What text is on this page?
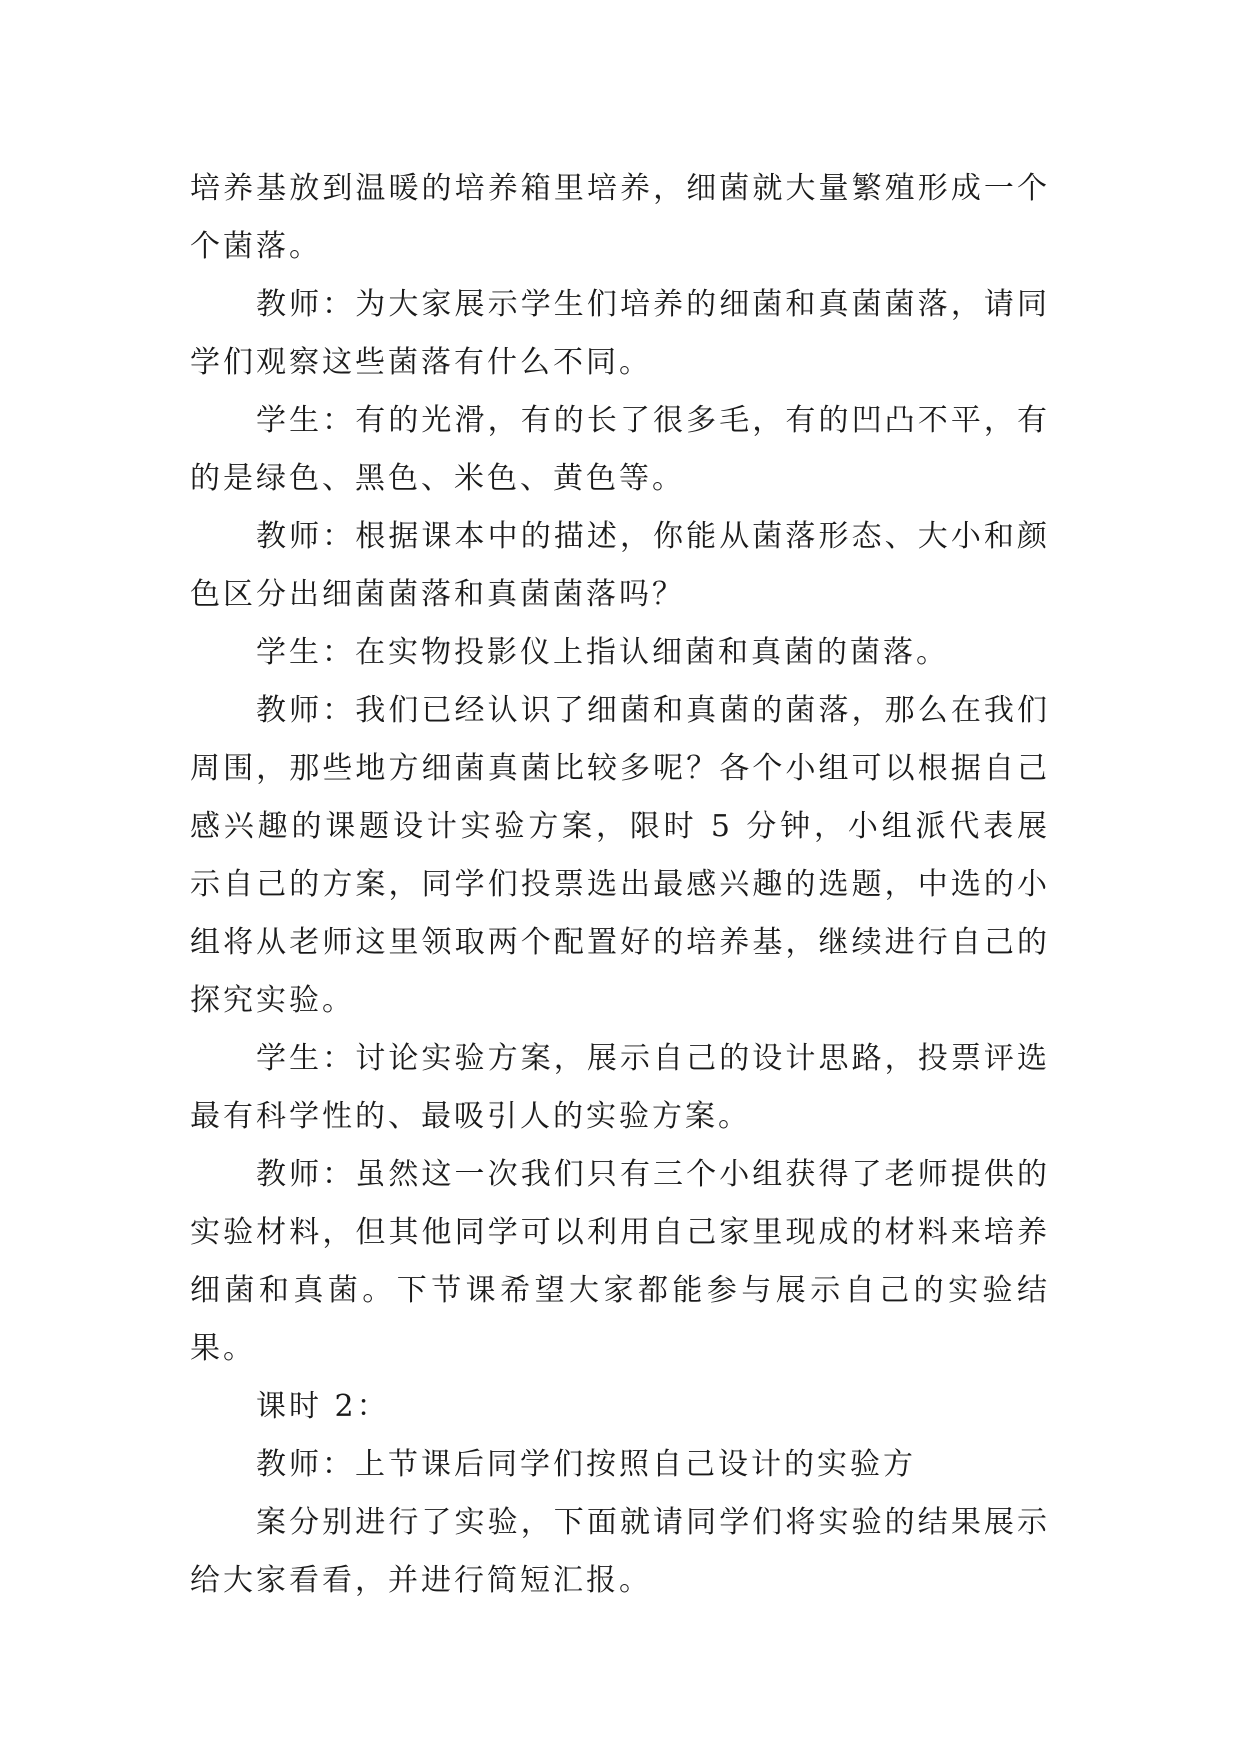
培养基放到温暖的培养箱里培养，细菌就大量繁殖形成一个个菌落。

教师：为大家展示学生们培养的细菌和真菌菌落，请同学们观察这些菌落有什么不同。

学生：有的光滑，有的长了很多毛，有的凹凸不平，有的是绿色、黑色、米色、黄色等。

教师：根据课本中的描述，你能从菌落形态、大小和颜色区分出细菌菌落和真菌菌落吗？

学生：在实物投影仪上指认细菌和真菌的菌落。

教师：我们已经认识了细菌和真菌的菌落，那么在我们周围，那些地方细菌真菌比较多呢？各个小组可以根据自己感兴趣的课题设计实验方案，限时 5 分钟，小组派代表展示自己的方案，同学们投票选出最感兴趣的选题，中选的小组将从老师这里领取两个配置好的培养基，继续进行自己的探究实验。

学生：讨论实验方案，展示自己的设计思路，投票评选最有科学性的、最吸引人的实验方案。

教师：虽然这一次我们只有三个小组获得了老师提供的实验材料，但其他同学可以利用自己家里现成的材料来培养细菌和真菌。下节课希望大家都能参与展示自己的实验结果。

课时 2：

教师：上节课后同学们按照自己设计的实验方

案分别进行了实验，下面就请同学们将实验的结果展示给大家看看，并进行简短汇报。
